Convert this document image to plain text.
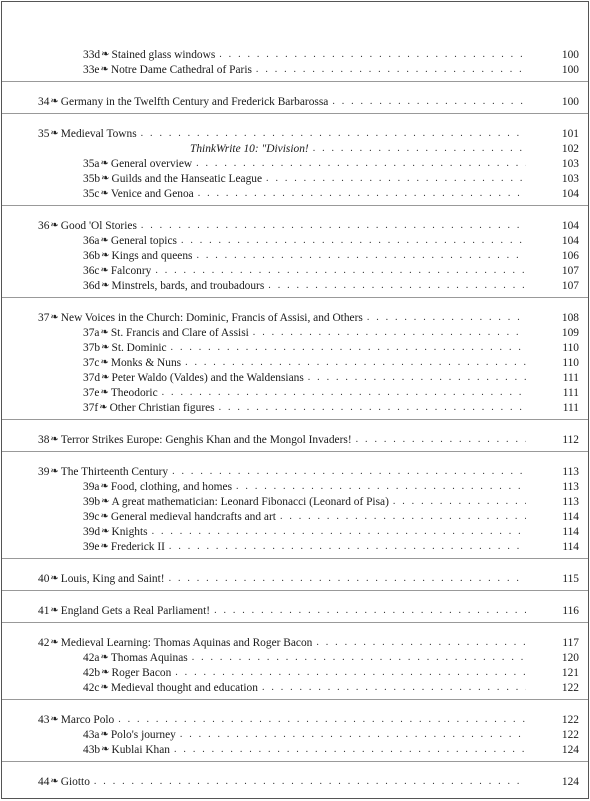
33d ❧ Stained glass windows . . .	100
33e ❧ Notre Dame Cathedral of Paris . . .	100
34 ❧ Germany in the Twelfth Century and Frederick Barbarossa . . .	100
35 ❧ Medieval Towns . . .	101
ThinkWrite 10: "Division! . . .	102
35a ❧ General overview . . .	103
35b ❧ Guilds and the Hanseatic League . . .	103
35c ❧ Venice and Genoa . . .	104
36 ❧ Good 'Ol Stories . . .	104
36a ❧ General topics . . .	104
36b ❧ Kings and queens . . .	106
36c ❧ Falconry . . .	107
36d ❧ Minstrels, bards, and troubadours . . .	107
37 ❧ New Voices in the Church: Dominic, Francis of Assisi, and Others . . .	108
37a ❧ St. Francis and Clare of Assisi . . .	109
37b ❧ St. Dominic . . .	110
37c ❧ Monks & Nuns . . .	110
37d ❧ Peter Waldo (Valdes) and the Waldensians . . .	111
37e ❧ Theodoric . . .	111
37f ❧ Other Christian figures . . .	111
38 ❧ Terror Strikes Europe: Genghis Khan and the Mongol Invaders! . . .	112
39 ❧ The Thirteenth Century . . .	113
39a ❧ Food, clothing, and homes . . .	113
39b ❧ A great mathematician: Leonard Fibonacci (Leonard of Pisa) . . .	113
39c ❧ General medieval handcrafts and art . . .	114
39d ❧ Knights . . .	114
39e ❧ Frederick II . . .	114
40 ❧ Louis, King and Saint! . . .	115
41 ❧ England Gets a Real Parliament! . . .	116
42 ❧ Medieval Learning: Thomas Aquinas and Roger Bacon . . .	117
42a ❧ Thomas Aquinas . . .	120
42b ❧ Roger Bacon . . .	121
42c ❧ Medieval thought and education . . .	122
43 ❧ Marco Polo . . .	122
43a ❧ Polo's journey . . .	122
43b ❧ Kublai Khan . . .	124
44 ❧ Giotto . . .	124
